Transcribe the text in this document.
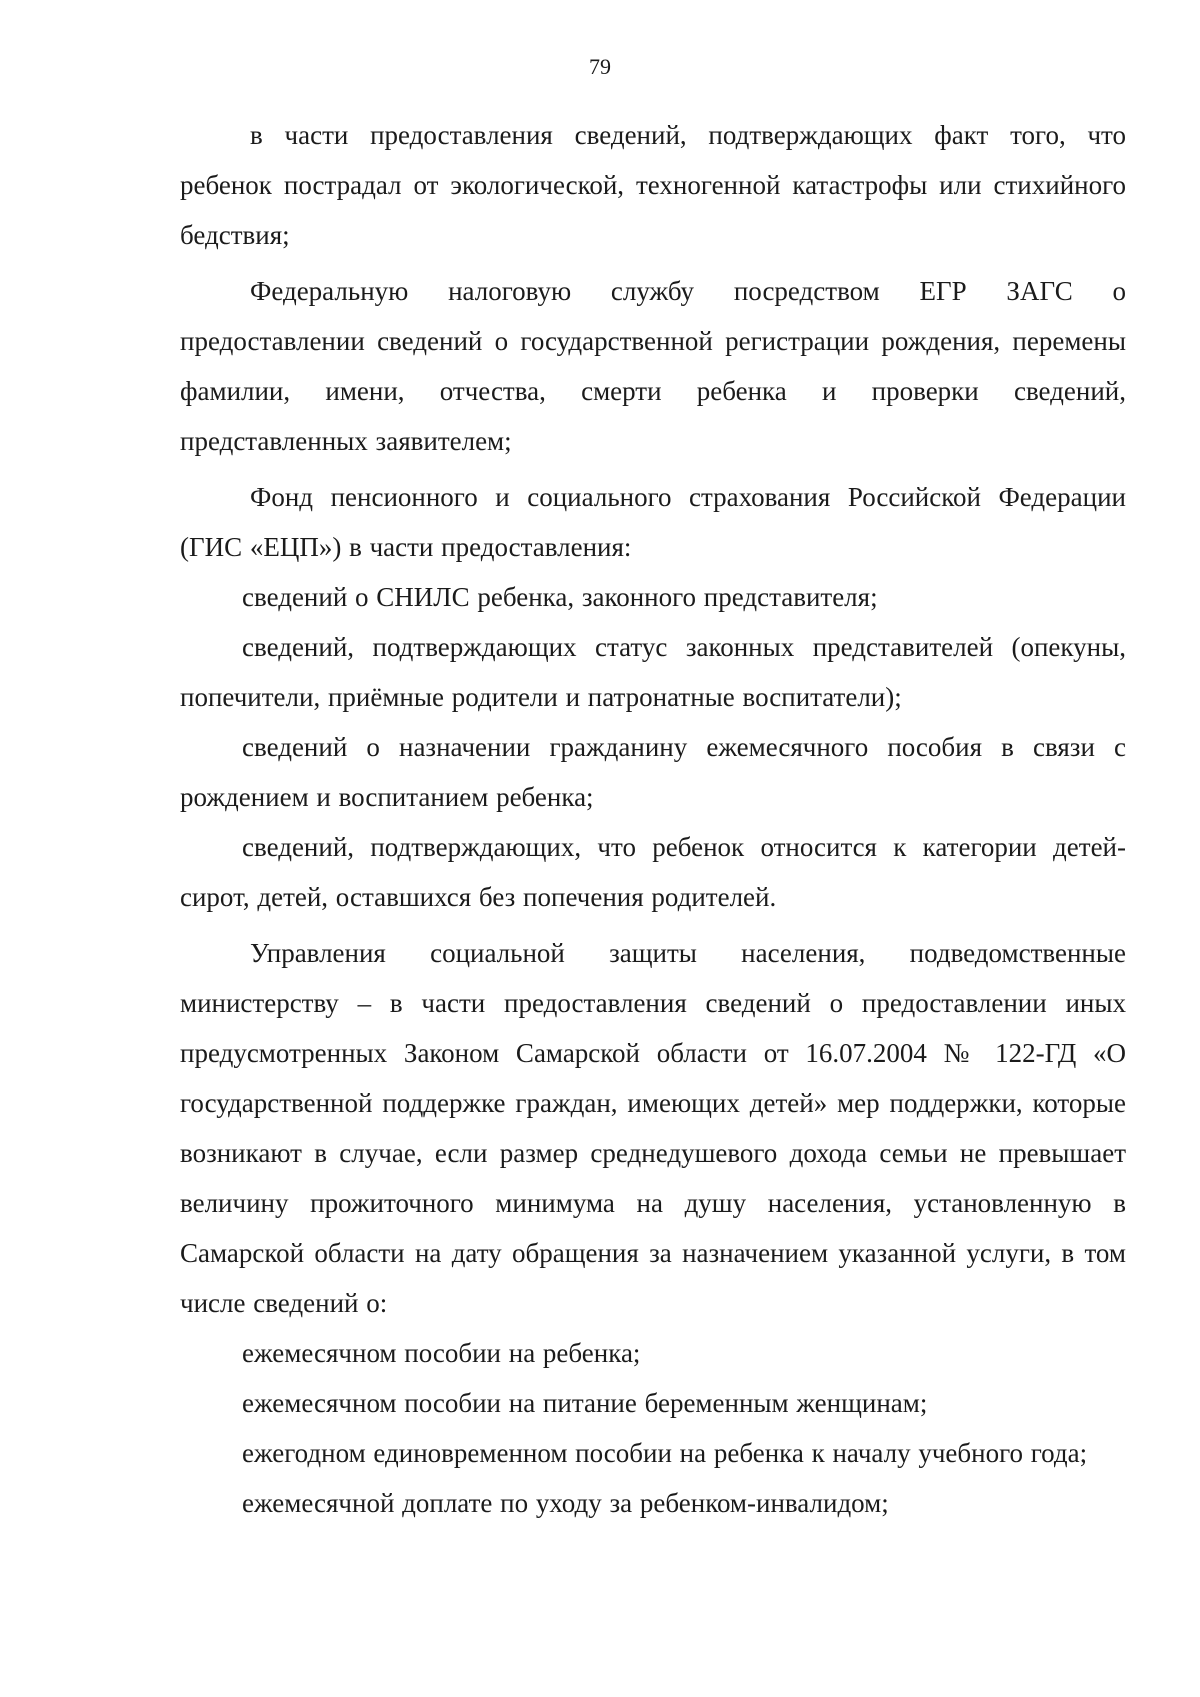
79

в части предоставления сведений, подтверждающих факт того, что ребенок пострадал от экологической, техногенной катастрофы или стихийного бедствия;

Федеральную налоговую службу посредством ЕГР ЗАГС о предоставлении сведений о государственной регистрации рождения, перемены фамилии, имени, отчества, смерти ребенка и проверки сведений, представленных заявителем;

Фонд пенсионного и социального страхования Российской Федерации (ГИС «ЕЦП») в части предоставления:

сведений о СНИЛС ребенка, законного представителя;

сведений, подтверждающих статус законных представителей (опекуны, попечители, приёмные родители и патронатные воспитатели);

сведений о назначении гражданину ежемесячного пособия в связи с рождением и воспитанием ребенка;

сведений, подтверждающих, что ребенок относится к категории детей-сирот, детей, оставшихся без попечения родителей.

Управления социальной защиты населения, подведомственные министерству – в части предоставления сведений о предоставлении иных предусмотренных Законом Самарской области от 16.07.2004 № 122-ГД «О государственной поддержке граждан, имеющих детей» мер поддержки, которые возникают в случае, если размер среднедушевого дохода семьи не превышает величину прожиточного минимума на душу населения, установленную в Самарской области на дату обращения за назначением указанной услуги, в том числе сведений о:

ежемесячном пособии на ребенка;

ежемесячном пособии на питание беременным женщинам;

ежегодном единовременном пособии на ребенка к началу учебного года;

ежемесячной доплате по уходу за ребенком-инвалидом;
